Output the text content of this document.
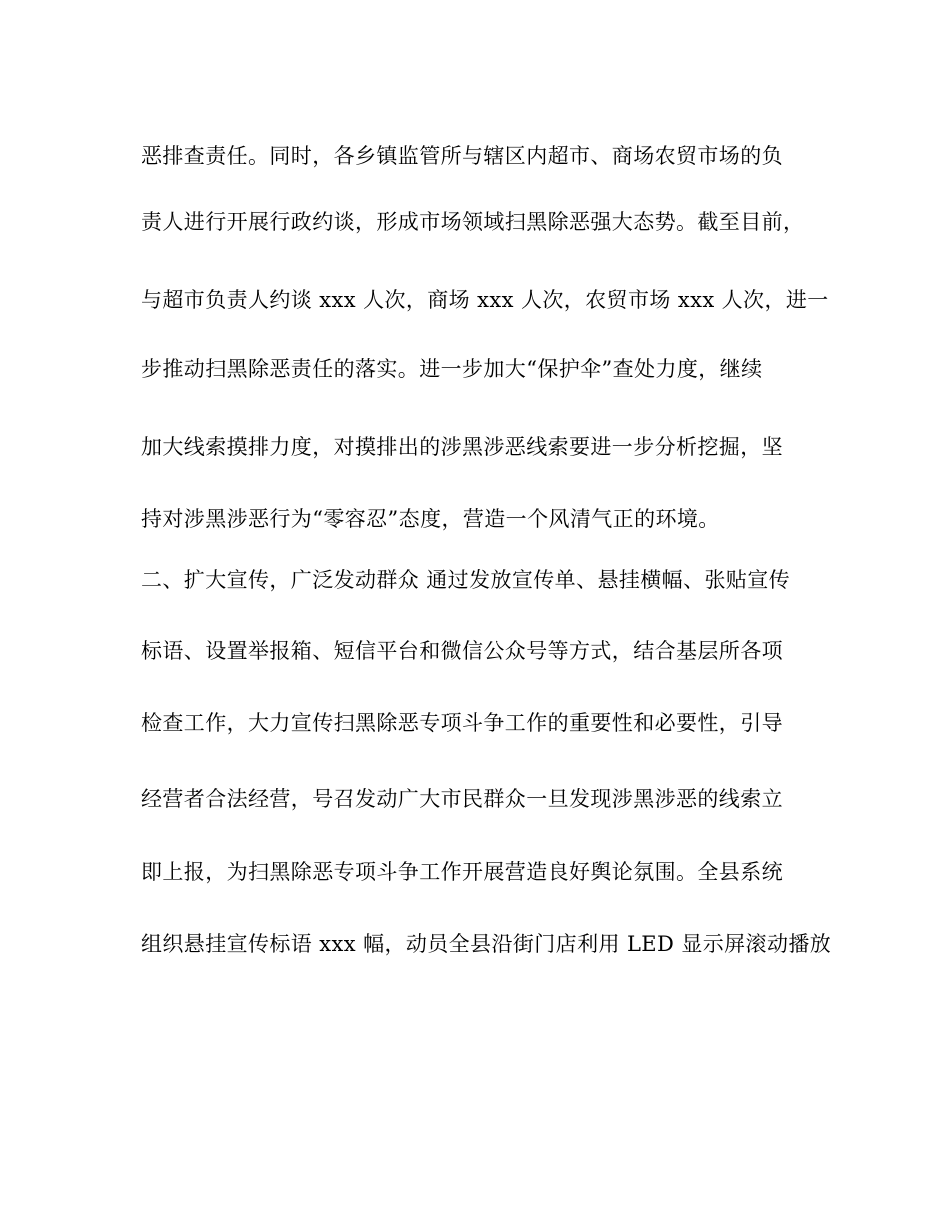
恶排查责任。同时，各乡镇监管所与辖区内超市、商场农贸市场的负

责人进行开展行政约谈，形成市场领域扫黑除恶强大态势。截至目前，

与超市负责人约谈 xxx 人次，商场 xxx 人次，农贸市场 xxx 人次，进一

步推动扫黑除恶责任的落实。进一步加大“保护伞”查处力度，继续

加大线索摸排力度，对摸排出的涉黑涉恶线索要进一步分析挖掘，坚

持对涉黑涉恶行为“零容忍”态度，营造一个风清气正的环境。

二、扩大宣传，广泛发动群众 通过发放宣传单、悬挂横幅、张贴宣传

标语、设置举报箱、短信平台和微信公众号等方式，结合基层所各项

检查工作，大力宣传扫黑除恶专项斗争工作的重要性和必要性，引导

经营者合法经营，号召发动广大市民群众一旦发现涉黑涉恶的线索立

即上报，为扫黑除恶专项斗争工作开展营造良好舆论氛围。全县系统

组织悬挂宣传标语 xxx 幅，动员全县沿街门店利用 LED 显示屏滚动播放
